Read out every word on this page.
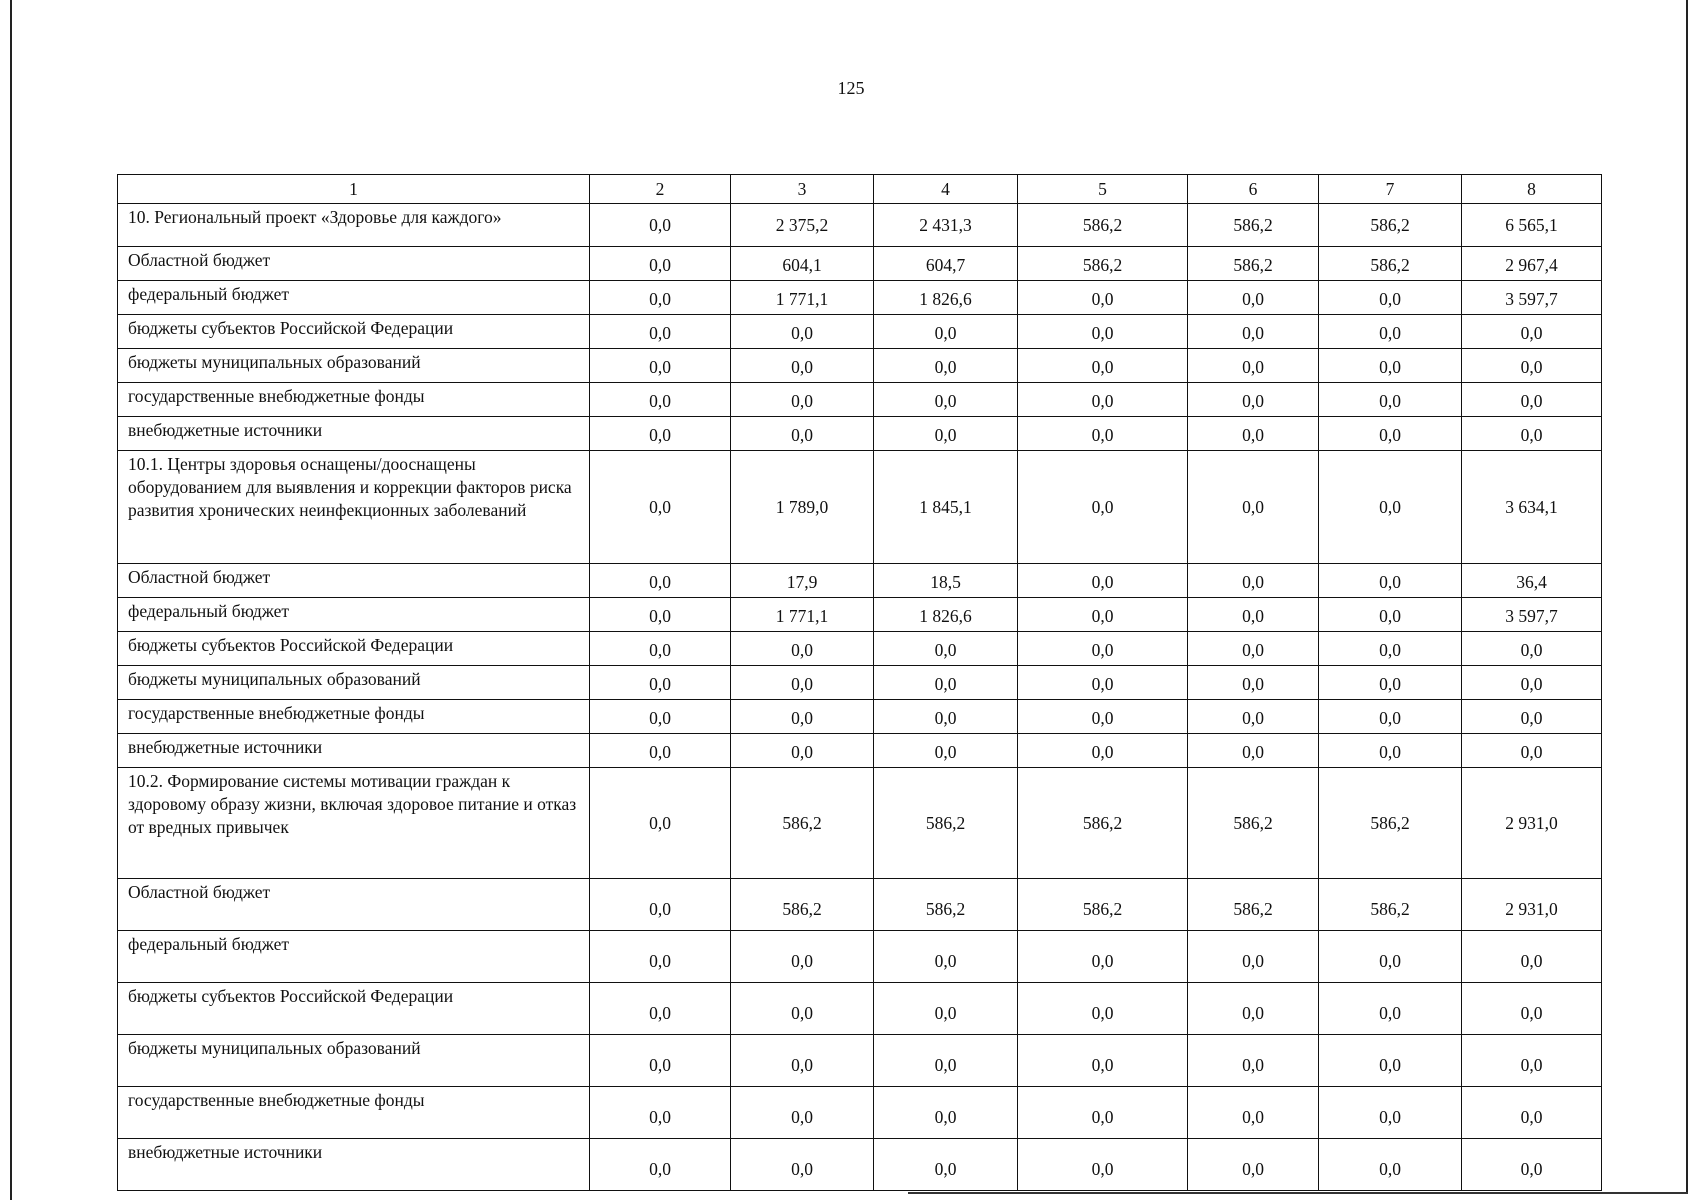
125
1	2	3	4	5	6	7	8
10. Региональный проект «Здоровье для каждого»	0,0	2 375,2	2 431,3	586,2	586,2	586,2	6 565,1
Областной бюджет	0,0	604,1	604,7	586,2	586,2	586,2	2 967,4
федеральный бюджет	0,0	1 771,1	1 826,6	0,0	0,0	0,0	3 597,7
бюджеты субъектов Российской Федерации	0,0	0,0	0,0	0,0	0,0	0,0	0,0
бюджеты муниципальных образований	0,0	0,0	0,0	0,0	0,0	0,0	0,0
государственные внебюджетные фонды	0,0	0,0	0,0	0,0	0,0	0,0	0,0
внебюджетные источники	0,0	0,0	0,0	0,0	0,0	0,0	0,0
10.1. Центры здоровья оснащены/дооснащены оборудованием для выявления и коррекции факторов риска развития хронических неинфекционных заболеваний	0,0	1 789,0	1 845,1	0,0	0,0	0,0	3 634,1
Областной бюджет	0,0	17,9	18,5	0,0	0,0	0,0	36,4
федеральный бюджет	0,0	1 771,1	1 826,6	0,0	0,0	0,0	3 597,7
бюджеты субъектов Российской Федерации	0,0	0,0	0,0	0,0	0,0	0,0	0,0
бюджеты муниципальных образований	0,0	0,0	0,0	0,0	0,0	0,0	0,0
государственные внебюджетные фонды	0,0	0,0	0,0	0,0	0,0	0,0	0,0
внебюджетные источники	0,0	0,0	0,0	0,0	0,0	0,0	0,0
10.2. Формирование системы мотивации граждан к здоровому образу жизни, включая здоровое питание и отказ от вредных привычек	0,0	586,2	586,2	586,2	586,2	586,2	2 931,0
Областной бюджет	0,0	586,2	586,2	586,2	586,2	586,2	2 931,0
федеральный бюджет	0,0	0,0	0,0	0,0	0,0	0,0	0,0
бюджеты субъектов Российской Федерации	0,0	0,0	0,0	0,0	0,0	0,0	0,0
бюджеты муниципальных образований	0,0	0,0	0,0	0,0	0,0	0,0	0,0
государственные внебюджетные фонды	0,0	0,0	0,0	0,0	0,0	0,0	0,0
внебюджетные источники	0,0	0,0	0,0	0,0	0,0	0,0	0,0
